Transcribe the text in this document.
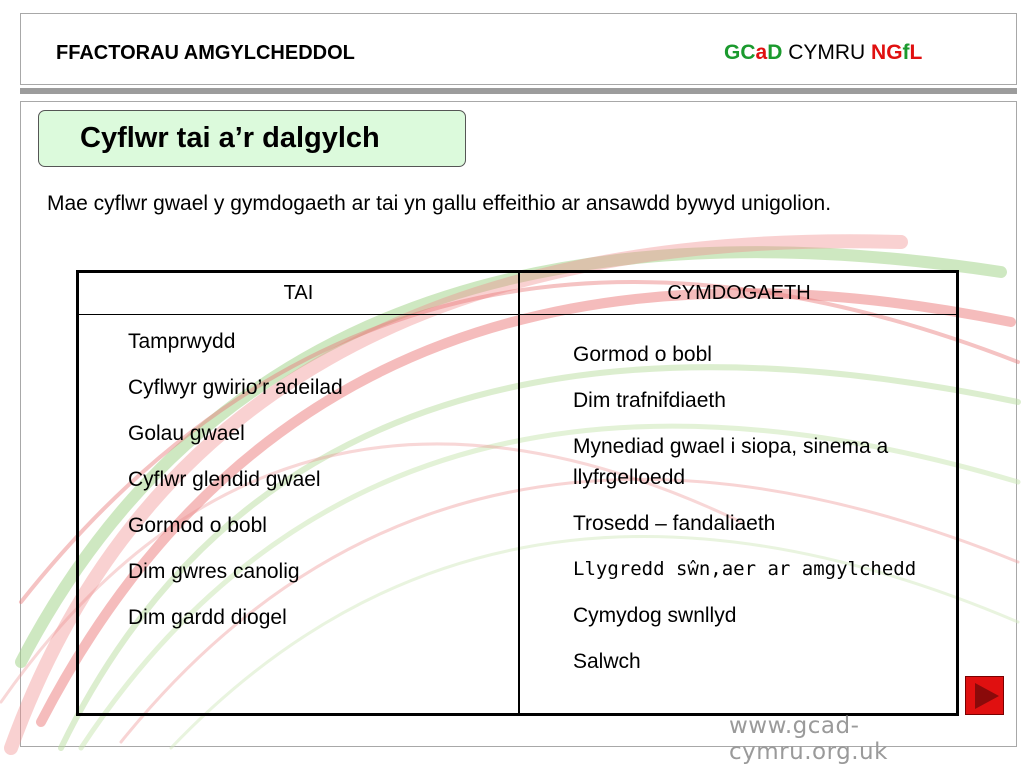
FFACTORAU AMGYLCHEDDOL	GCaD CYMRU NGfL
Cyflwr tai a’r dalgylch
Mae cyflwr gwael y gymdogaeth ar tai yn gallu effeithio ar ansawdd bywyd unigolion.
TAI	CYMDOGAETH
Tamprwydd
Cyflwyr gwirio’r adeilad
Golau gwael
Cyflwr glendid gwael
Gormod o bobl
Dim gwres canolig
Dim gardd diogel
Gormod o bobl
Dim trafnifdiaeth
Mynediad gwael i siopa, sinema a llyfrgelloedd
Trosedd – fandaliaeth
Llygredd sŵn,aer ar amgylchedd
Cymydog swnllyd
Salwch
www.gcad-cymru.org.uk
